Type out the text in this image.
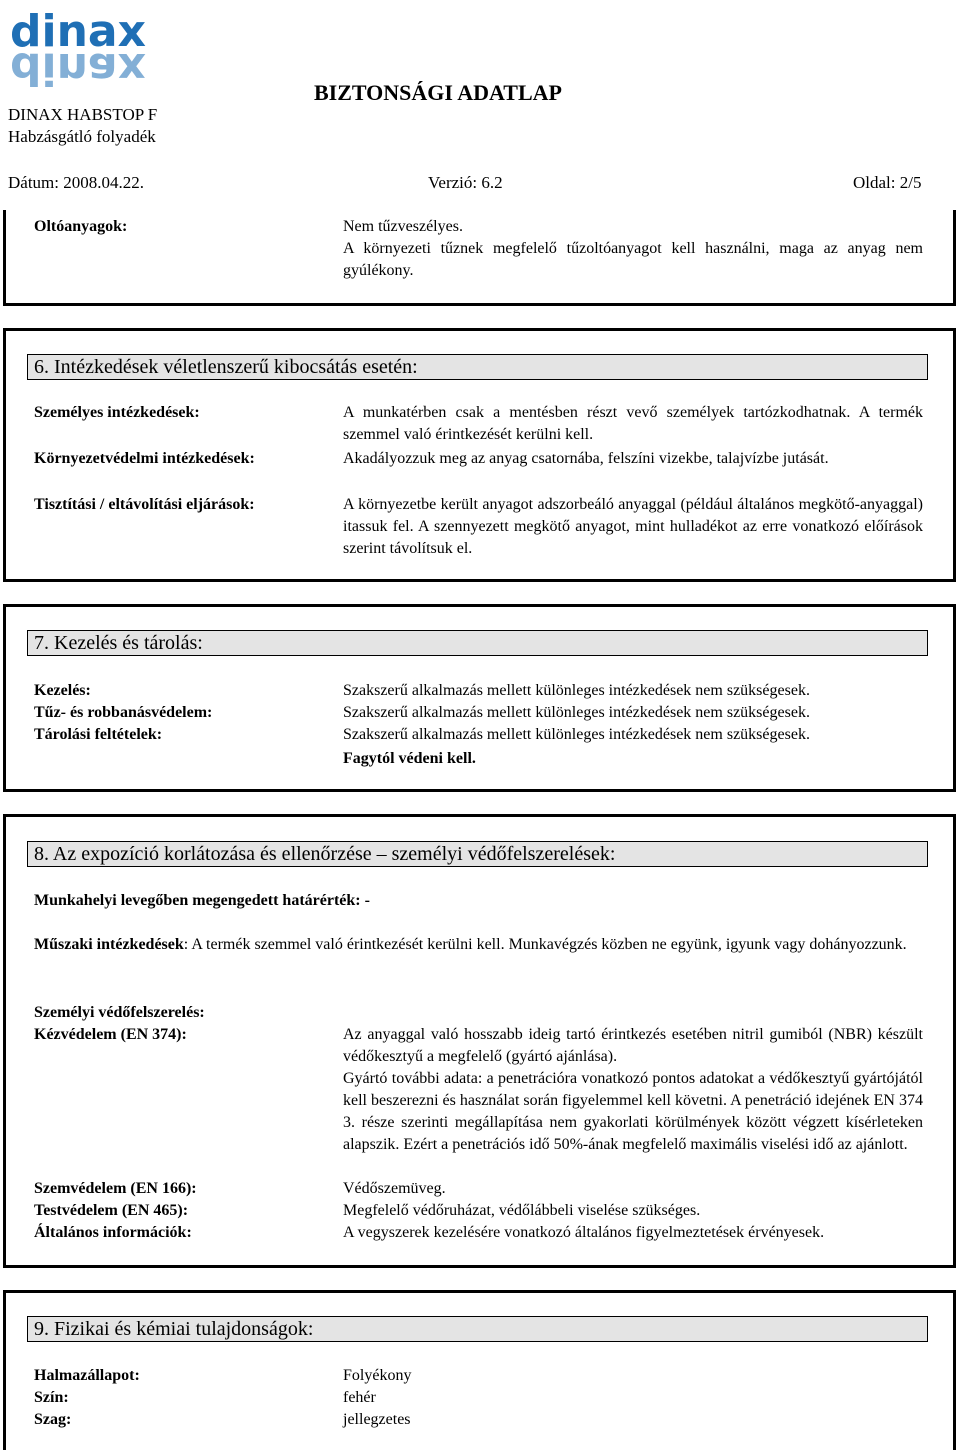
dinax
dinax
DINAX HABSTOP F
Habzásgátló folyadék
BIZTONSÁGI ADATLAP
Dátum: 2008.04.22.	Verzió: 6.2	Oldal: 2/5
Oltóanyagok:	Nem tűzveszélyes.
A környezeti tűznek megfelelő tűzoltóanyagot kell használni, maga az anyag nem gyúlékony.
6. Intézkedések véletlenszerű kibocsátás esetén:
Személyes intézkedések:	A munkatérben csak a mentésben részt vevő személyek tartózkodhatnak. A termék szemmel való érintkezését kerülni kell.
Környezetvédelmi intézkedések:	Akadályozzuk meg az anyag csatornába, felszíni vizekbe, talajvízbe jutását.
Tisztítási / eltávolítási eljárások:	A környezetbe került anyagot adszorbeáló anyaggal (például általános megkötő-anyaggal) itassuk fel. A szennyezett megkötő anyagot, mint hulladékot az erre vonatkozó előírások szerint távolítsuk el.
7. Kezelés és tárolás:
Kezelés:	Szakszerű alkalmazás mellett különleges intézkedések nem szükségesek.
Tűz- és robbanásvédelem:	Szakszerű alkalmazás mellett különleges intézkedések nem szükségesek.
Tárolási feltételek:	Szakszerű alkalmazás mellett különleges intézkedések nem szükségesek.
Fagytól védeni kell.
8. Az expozíció korlátozása és ellenőrzése – személyi védőfelszerelések:
Munkahelyi levegőben megengedett határérték: -
Műszaki intézkedések: A termék szemmel való érintkezését kerülni kell. Munkavégzés közben ne együnk, igyunk vagy dohányozzunk.
Személyi védőfelszerelés:
Kézvédelem (EN 374):	Az anyaggal való hosszabb ideig tartó érintkezés esetében nitril gumiból (NBR) készült védőkesztyű a megfelelő (gyártó ajánlása).
Gyártó további adata: a penetrációra vonatkozó pontos adatokat a védőkesztyű gyártójától kell beszerezni és használat során figyelemmel kell követni. A penetráció idejének EN 374 3. része szerinti megállapítása nem gyakorlati körülmények között végzett kísérleteken alapszik. Ezért a penetrációs idő 50%-ának megfelelő maximális viselési idő az ajánlott.
Szemvédelem (EN 166):	Védőszemüveg.
Testvédelem (EN 465):	Megfelelő védőruházat, védőlábbeli viselése szükséges.
Általános információk:	A vegyszerek kezelésére vonatkozó általános figyelmeztetések érvényesek.
9. Fizikai és kémiai tulajdonságok:
Halmazállapot:	Folyékony
Szín:	fehér
Szag:	jellegzetes
